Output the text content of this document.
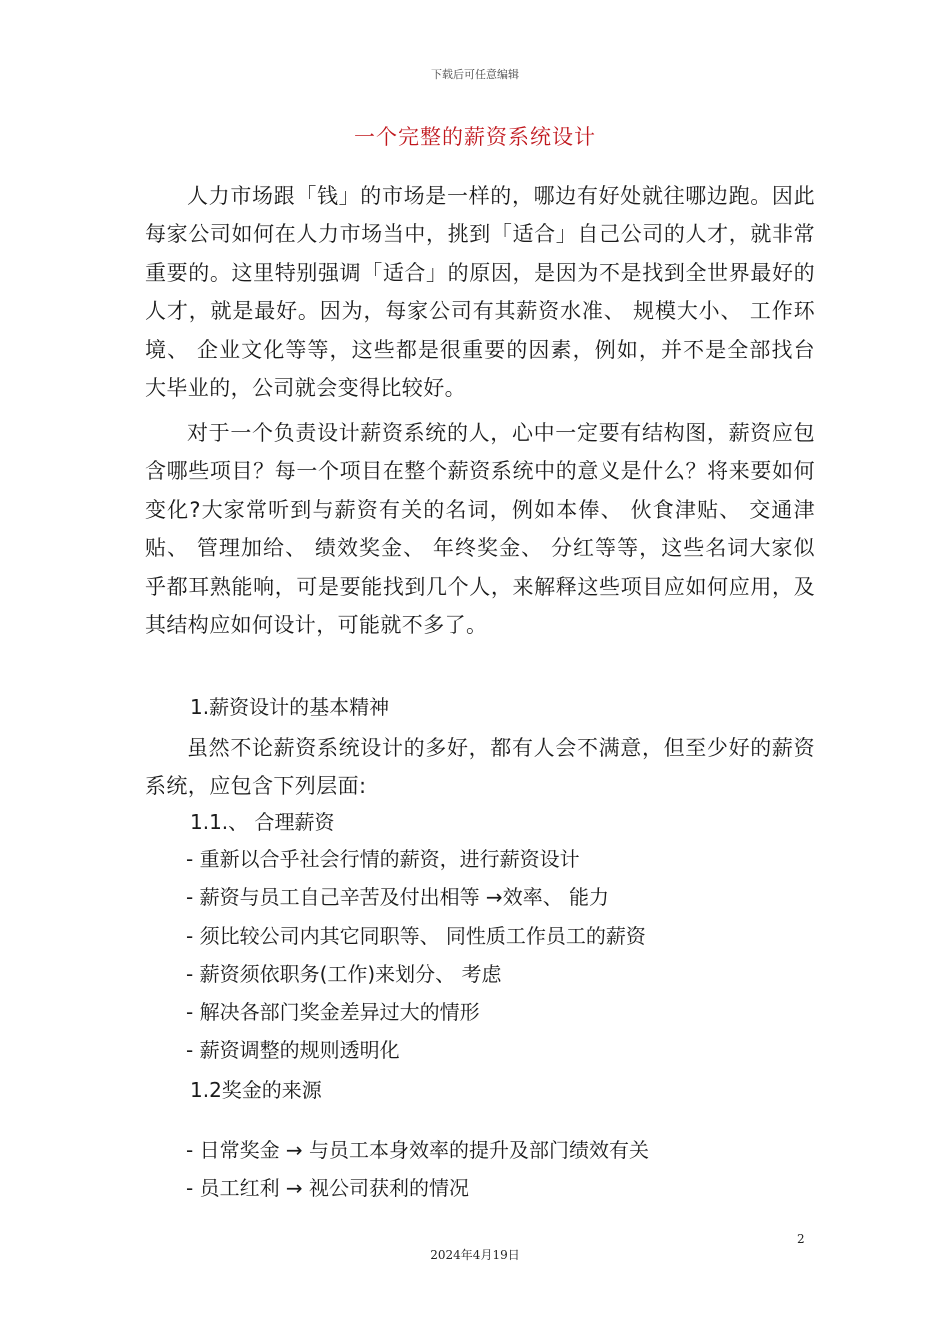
下载后可任意编辑
一个完整的薪资系统设计

人力市场跟「钱」的市场是一样的，哪边有好处就往哪边跑。因此每家公司如何在人力市场当中，挑到「适合」自己公司的人才，就非常重要的。这里特别强调「适合」的原因，是因为不是找到全世界最好的人才，就是最好。因为，每家公司有其薪资水准、 规模大小、 工作环境、 企业文化等等，这些都是很重要的因素，例如，并不是全部找台大毕业的，公司就会变得比较好。

对于一个负责设计薪资系统的人，心中一定要有结构图，薪资应包含哪些项目？每一个项目在整个薪资系统中的意义是什么？将来要如何变化?大家常听到与薪资有关的名词，例如本俸、 伙食津贴、 交通津贴、 管理加给、 绩效奖金、 年终奖金、 分红等等，这些名词大家似乎都耳熟能响，可是要能找到几个人，来解释这些项目应如何应用，及其结构应如何设计，可能就不多了。

1.薪资设计的基本精神

虽然不论薪资系统设计的多好，都有人会不满意，但至少好的薪资系统，应包含下列层面:

1.1.、 合理薪资
- 重新以合乎社会行情的薪资，进行薪资设计
- 薪资与员工自己辛苦及付出相等 →效率、 能力
- 须比较公司内其它同职等、 同性质工作员工的薪资
- 薪资须依职务(工作)来划分、 考虑
- 解决各部门奖金差异过大的情形
- 薪资调整的规则透明化
1.2奖金的来源
- 日常奖金 → 与员工本身效率的提升及部门绩效有关
- 员工红利 → 视公司获利的情况
2
2024年4月19日
